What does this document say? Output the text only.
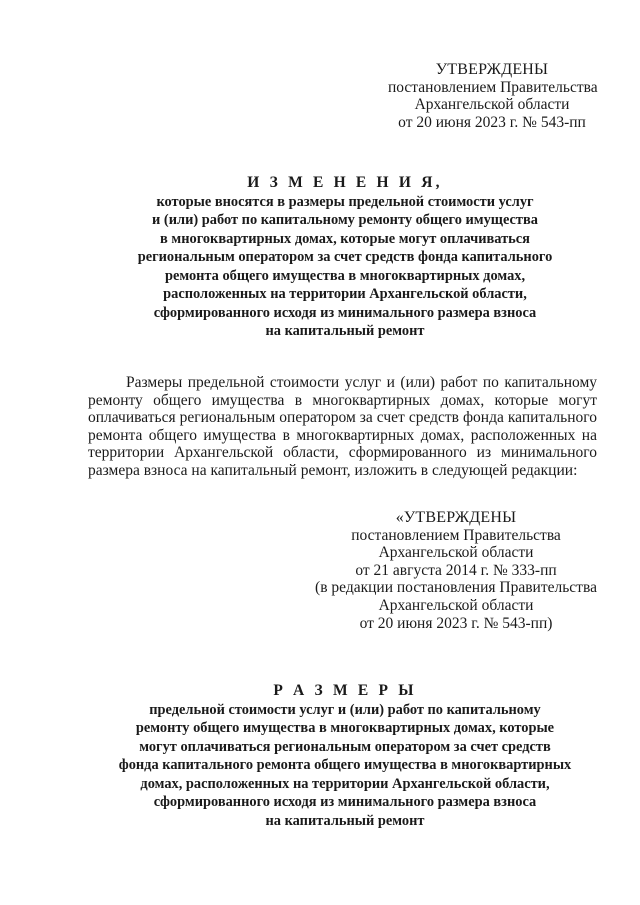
УТВЕРЖДЕНЫ
постановлением Правительства
Архангельской области
от 20 июня 2023 г. № 543-пп
И З М Е Н Е Н И Я,
которые вносятся в размеры предельной стоимости услуг
и (или) работ по капитальному ремонту общего имущества
в многоквартирных домах, которые могут оплачиваться
региональным оператором за счет средств фонда капитального
ремонта общего имущества в многоквартирных домах,
расположенных на территории Архангельской области,
сформированного исходя из минимального размера взноса
на капитальный ремонт
Размеры предельной стоимости услуг и (или) работ по капитальному
ремонту общего имущества в многоквартирных домах, которые могут
оплачиваться региональным оператором за счет средств фонда капитального
ремонта общего имущества в многоквартирных домах, расположенных на
территории Архангельской области, сформированного из минимального
размера взноса на капитальный ремонт, изложить в следующей редакции:
«УТВЕРЖДЕНЫ
постановлением Правительства
Архангельской области
от 21 августа 2014 г. № 333-пп
(в редакции постановления Правительства
Архангельской области
от 20 июня 2023 г. № 543-пп)
Р А З М Е Р Ы
предельной стоимости услуг и (или) работ по капитальному
ремонту общего имущества в многоквартирных домах, которые
могут оплачиваться региональным оператором за счет средств
фонда капитального ремонта общего имущества в многоквартирных
домах, расположенных на территории Архангельской области,
сформированного исходя из минимального размера взноса
на капитальный ремонт
